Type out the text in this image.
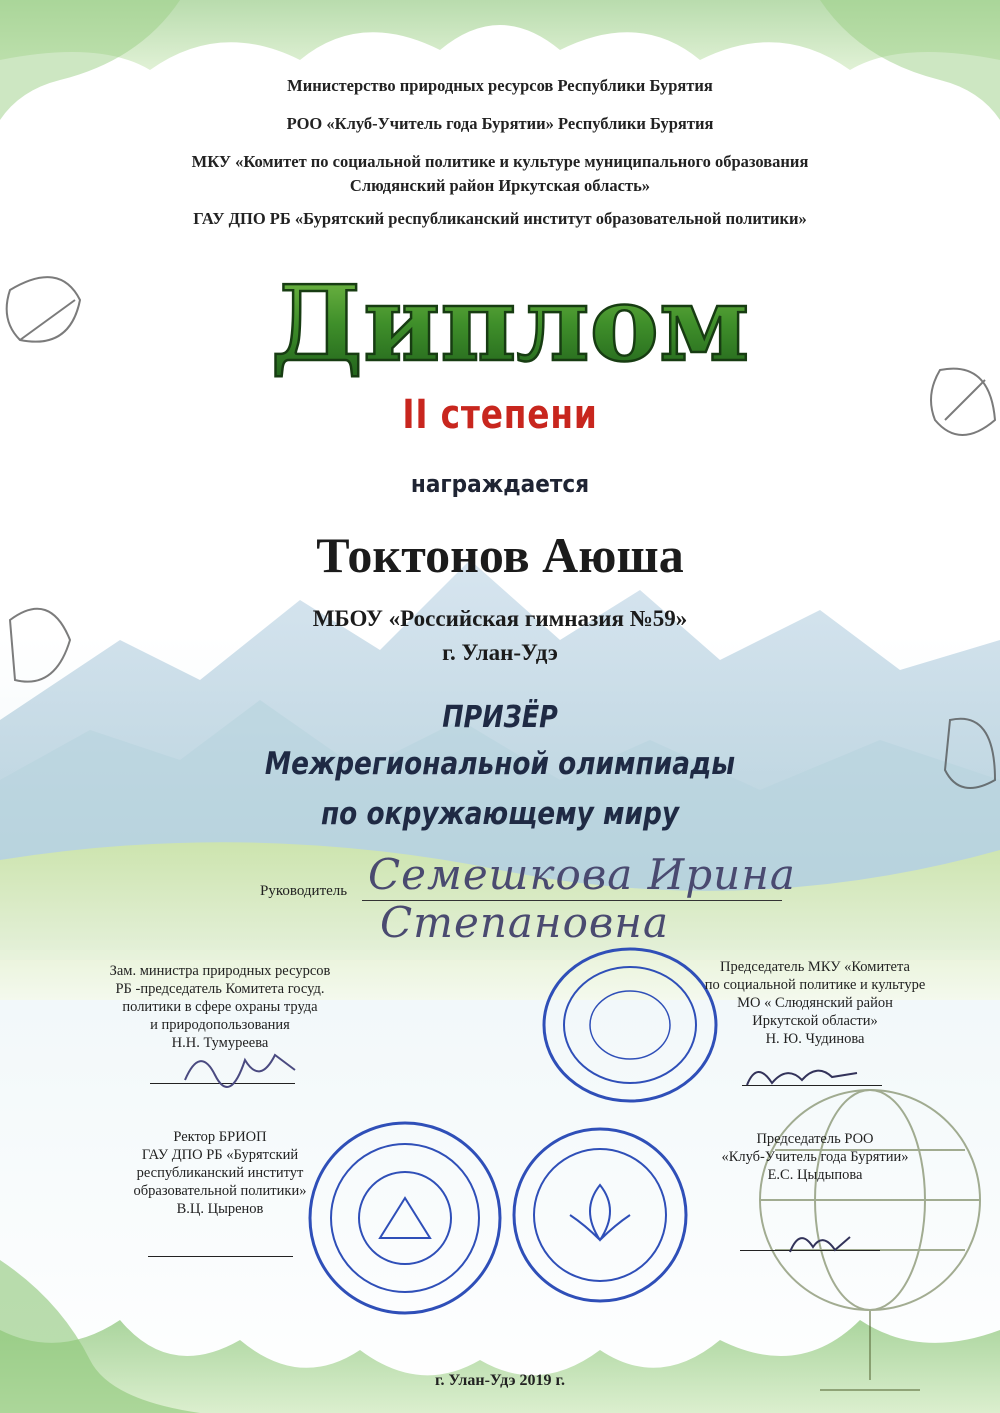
Министерство природных ресурсов Республики Бурятия
РОО «Клуб-Учитель года Бурятии» Республики Бурятия
МКУ «Комитет по социальной политике и культуре муниципального образования
Слюдянский район Иркутская область»
ГАУ ДПО РБ «Бурятский республиканский институт образовательной политики»
Диплом
II степени
награждается
Токтонов Аюша
МБОУ «Российская гимназия №59»
г. Улан-Удэ
ПРИЗЁР
Межрегиональной олимпиады
по окружающему миру
Руководитель Семешкова Ирина
Степановна
Зам. министра природных ресурсов
РБ -председатель Комитета госуд.
политики в сфере охраны труда
и природопользования
Н.Н. Тумуреева
Председатель МКУ «Комитета
по социальной политике и культуре
МО « Слюдянский район
Иркутской области»
Н. Ю. Чудинова
Ректор БРИОП
ГАУ ДПО РБ «Бурятский
республиканский институт
образовательной политики»
В.Ц. Цыренов
Председатель РОО
«Клуб-Учитель года Бурятии»
Е.С. Цыдыпова
г. Улан-Удэ 2019 г.
